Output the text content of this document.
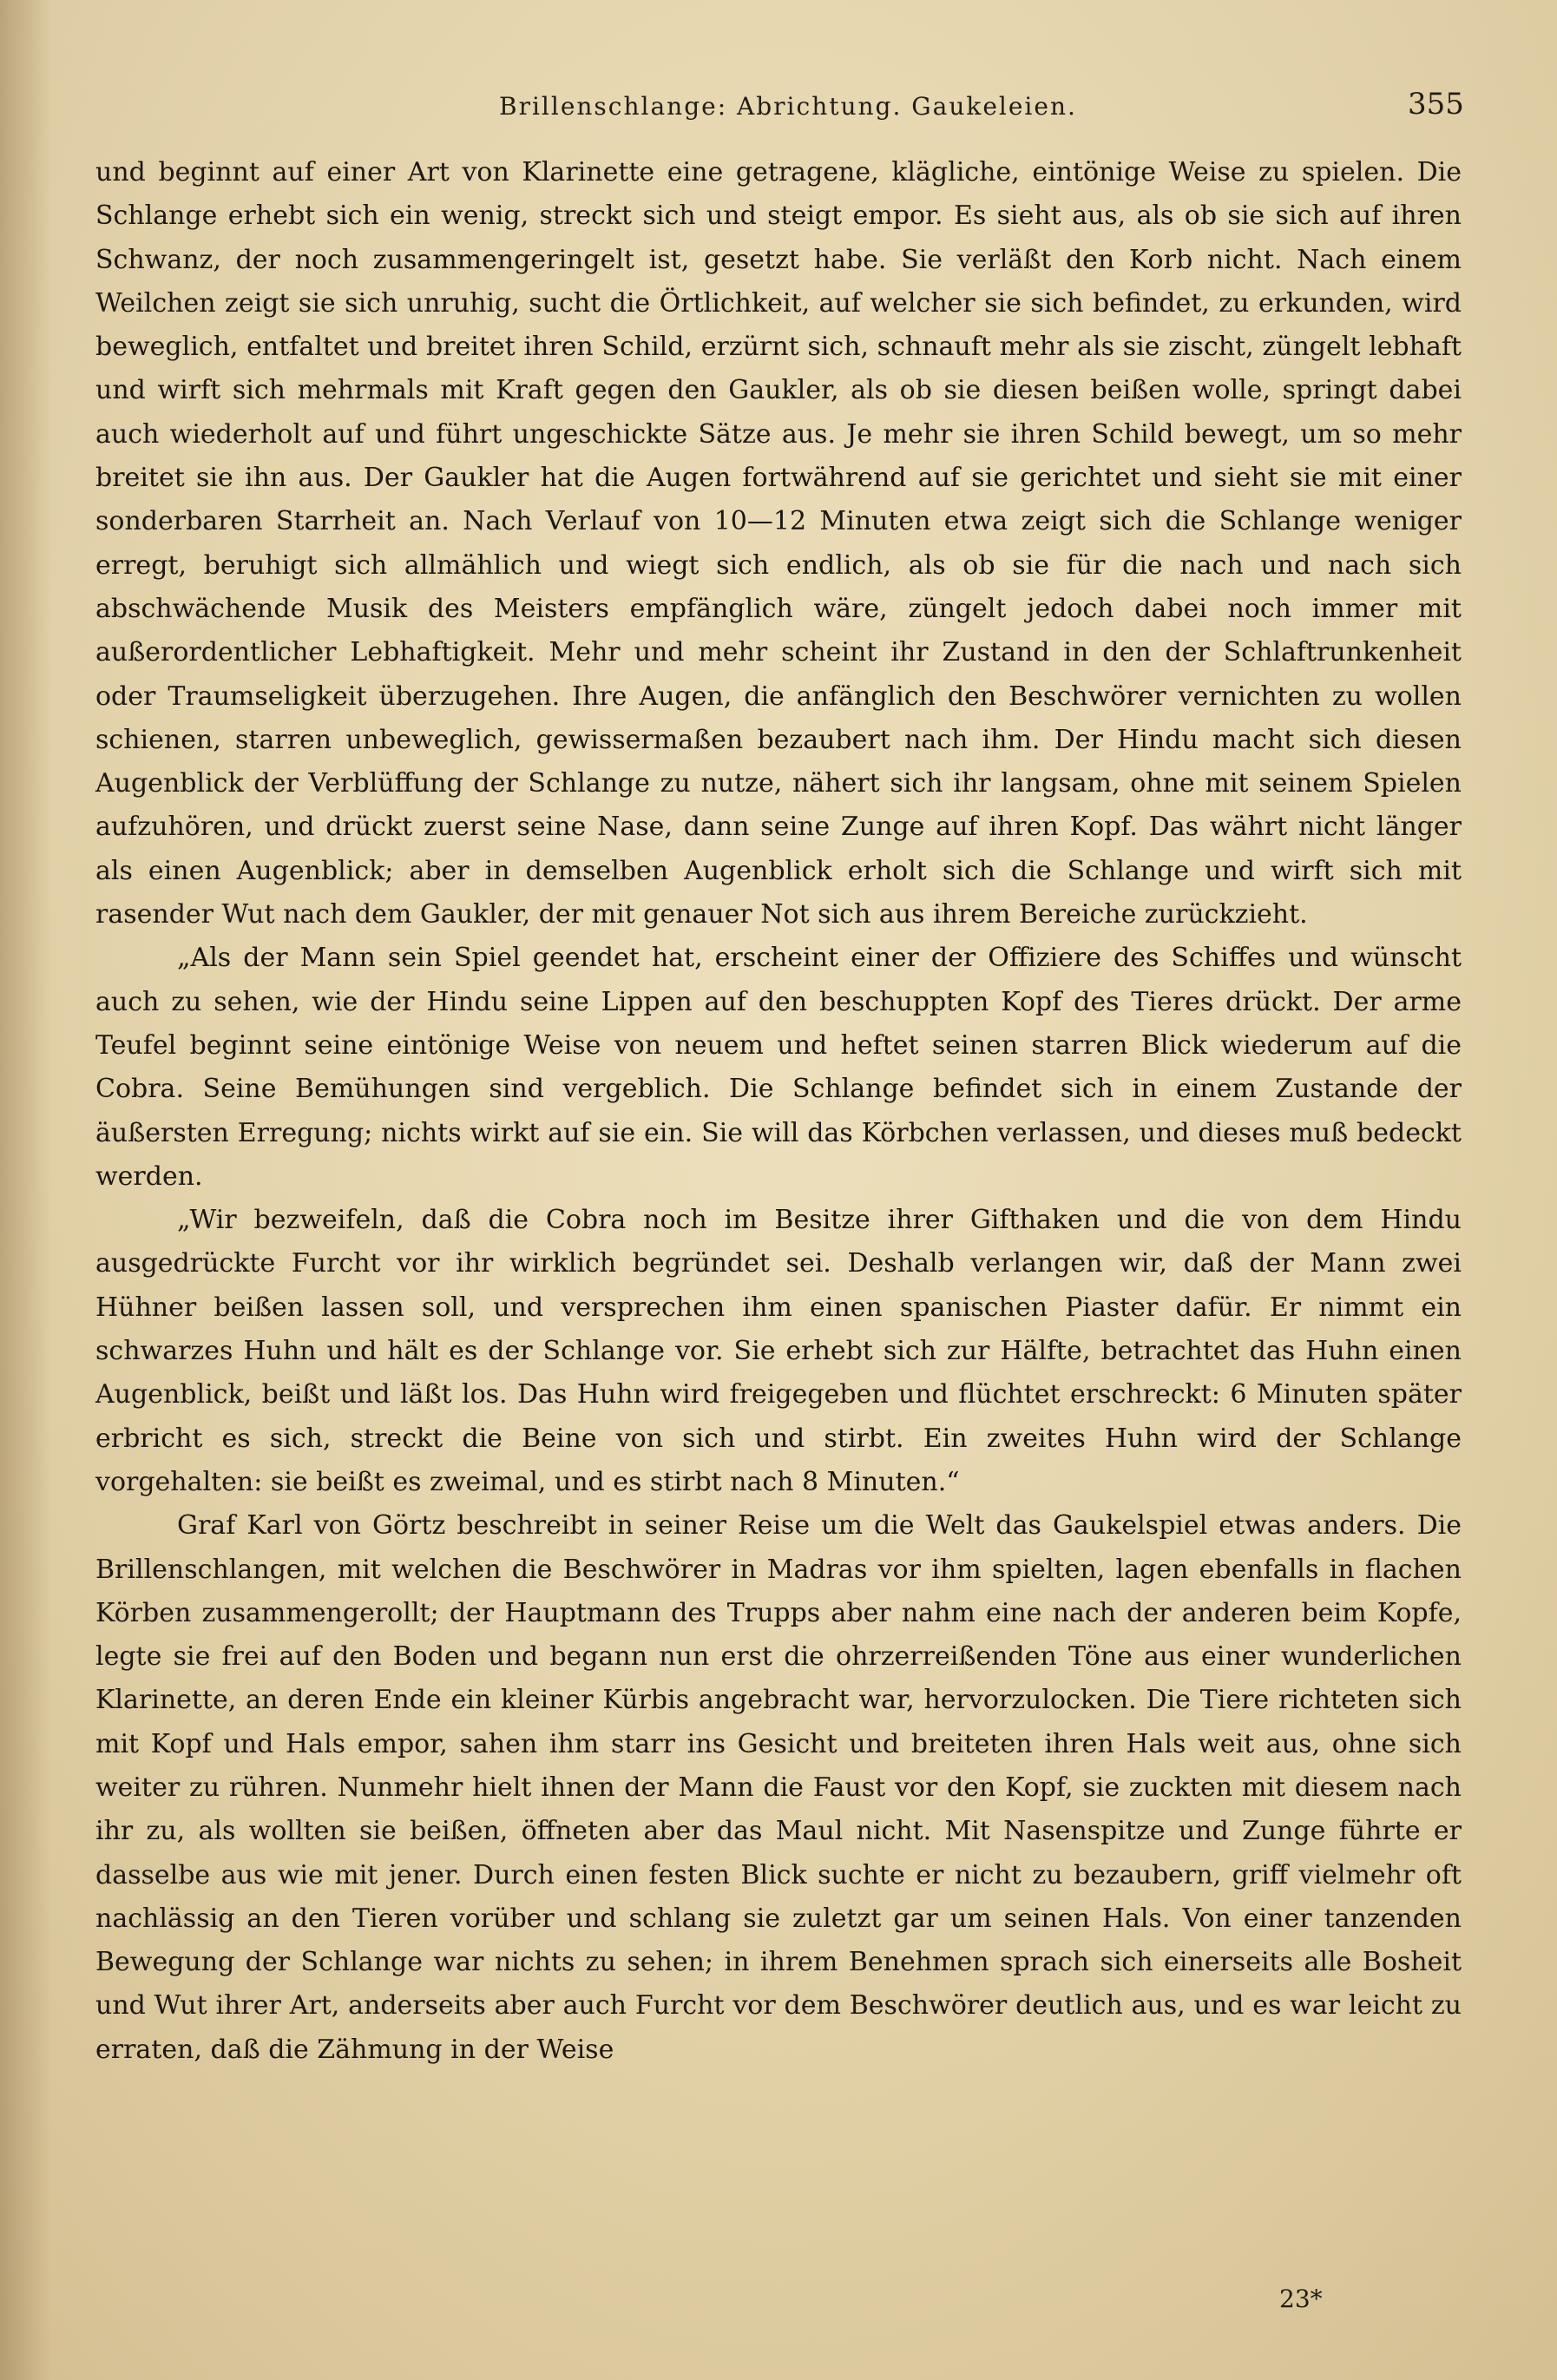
Brillenschlange: Abrichtung. Gaukeleien.	355

und beginnt auf einer Art von Klarinette eine getragene, klägliche, eintönige Weise zu spielen. Die Schlange erhebt sich ein wenig, streckt sich und steigt empor. Es sieht aus, als ob sie sich auf ihren Schwanz, der noch zusammengeringelt ist, gesetzt habe. Sie verläßt den Korb nicht. Nach einem Weilchen zeigt sie sich unruhig, sucht die Örtlichkeit, auf welcher sie sich befindet, zu erkunden, wird beweglich, entfaltet und breitet ihren Schild, erzürnt sich, schnauft mehr als sie zischt, züngelt lebhaft und wirft sich mehrmals mit Kraft gegen den Gaukler, als ob sie diesen beißen wolle, springt dabei auch wiederholt auf und führt ungeschickte Sätze aus. Je mehr sie ihren Schild bewegt, um so mehr breitet sie ihn aus. Der Gaukler hat die Augen fortwährend auf sie gerichtet und sieht sie mit einer sonderbaren Starrheit an. Nach Verlauf von 10—12 Minuten etwa zeigt sich die Schlange weniger erregt, beruhigt sich allmählich und wiegt sich endlich, als ob sie für die nach und nach sich abschwächende Musik des Meisters empfänglich wäre, züngelt jedoch dabei noch immer mit außerordentlicher Lebhaftigkeit. Mehr und mehr scheint ihr Zustand in den der Schlaftrunkenheit oder Traumseligkeit überzugehen. Ihre Augen, die anfänglich den Beschwörer vernichten zu wollen schienen, starren unbeweglich, gewissermaßen bezaubert nach ihm. Der Hindu macht sich diesen Augenblick der Verblüffung der Schlange zu nutze, nähert sich ihr langsam, ohne mit seinem Spielen aufzuhören, und drückt zuerst seine Nase, dann seine Zunge auf ihren Kopf. Das währt nicht länger als einen Augenblick; aber in demselben Augenblick erholt sich die Schlange und wirft sich mit rasender Wut nach dem Gaukler, der mit genauer Not sich aus ihrem Bereiche zurückzieht.

„Als der Mann sein Spiel geendet hat, erscheint einer der Offiziere des Schiffes und wünscht auch zu sehen, wie der Hindu seine Lippen auf den beschuppten Kopf des Tieres drückt. Der arme Teufel beginnt seine eintönige Weise von neuem und heftet seinen starren Blick wiederum auf die Cobra. Seine Bemühungen sind vergeblich. Die Schlange befindet sich in einem Zustande der äußersten Erregung; nichts wirkt auf sie ein. Sie will das Körbchen verlassen, und dieses muß bedeckt werden.

„Wir bezweifeln, daß die Cobra noch im Besitze ihrer Gifthaken und die von dem Hindu ausgedrückte Furcht vor ihr wirklich begründet sei. Deshalb verlangen wir, daß der Mann zwei Hühner beißen lassen soll, und versprechen ihm einen spanischen Piaster dafür. Er nimmt ein schwarzes Huhn und hält es der Schlange vor. Sie erhebt sich zur Hälfte, betrachtet das Huhn einen Augenblick, beißt und läßt los. Das Huhn wird freigegeben und flüchtet erschreckt: 6 Minuten später erbricht es sich, streckt die Beine von sich und stirbt. Ein zweites Huhn wird der Schlange vorgehalten: sie beißt es zweimal, und es stirbt nach 8 Minuten.“

Graf Karl von Görtz beschreibt in seiner Reise um die Welt das Gaukelspiel etwas anders. Die Brillenschlangen, mit welchen die Beschwörer in Madras vor ihm spielten, lagen ebenfalls in flachen Körben zusammengerollt; der Hauptmann des Trupps aber nahm eine nach der anderen beim Kopfe, legte sie frei auf den Boden und begann nun erst die ohrzerreißenden Töne aus einer wunderlichen Klarinette, an deren Ende ein kleiner Kürbis angebracht war, hervorzulocken. Die Tiere richteten sich mit Kopf und Hals empor, sahen ihm starr ins Gesicht und breiteten ihren Hals weit aus, ohne sich weiter zu rühren. Nunmehr hielt ihnen der Mann die Faust vor den Kopf, sie zuckten mit diesem nach ihr zu, als wollten sie beißen, öffneten aber das Maul nicht. Mit Nasenspitze und Zunge führte er dasselbe aus wie mit jener. Durch einen festen Blick suchte er nicht zu bezaubern, griff vielmehr oft nachlässig an den Tieren vorüber und schlang sie zuletzt gar um seinen Hals. Von einer tanzenden Bewegung der Schlange war nichts zu sehen; in ihrem Benehmen sprach sich einerseits alle Bosheit und Wut ihrer Art, anderseits aber auch Furcht vor dem Beschwörer deutlich aus, und es war leicht zu erraten, daß die Zähmung in der Weise

23*
